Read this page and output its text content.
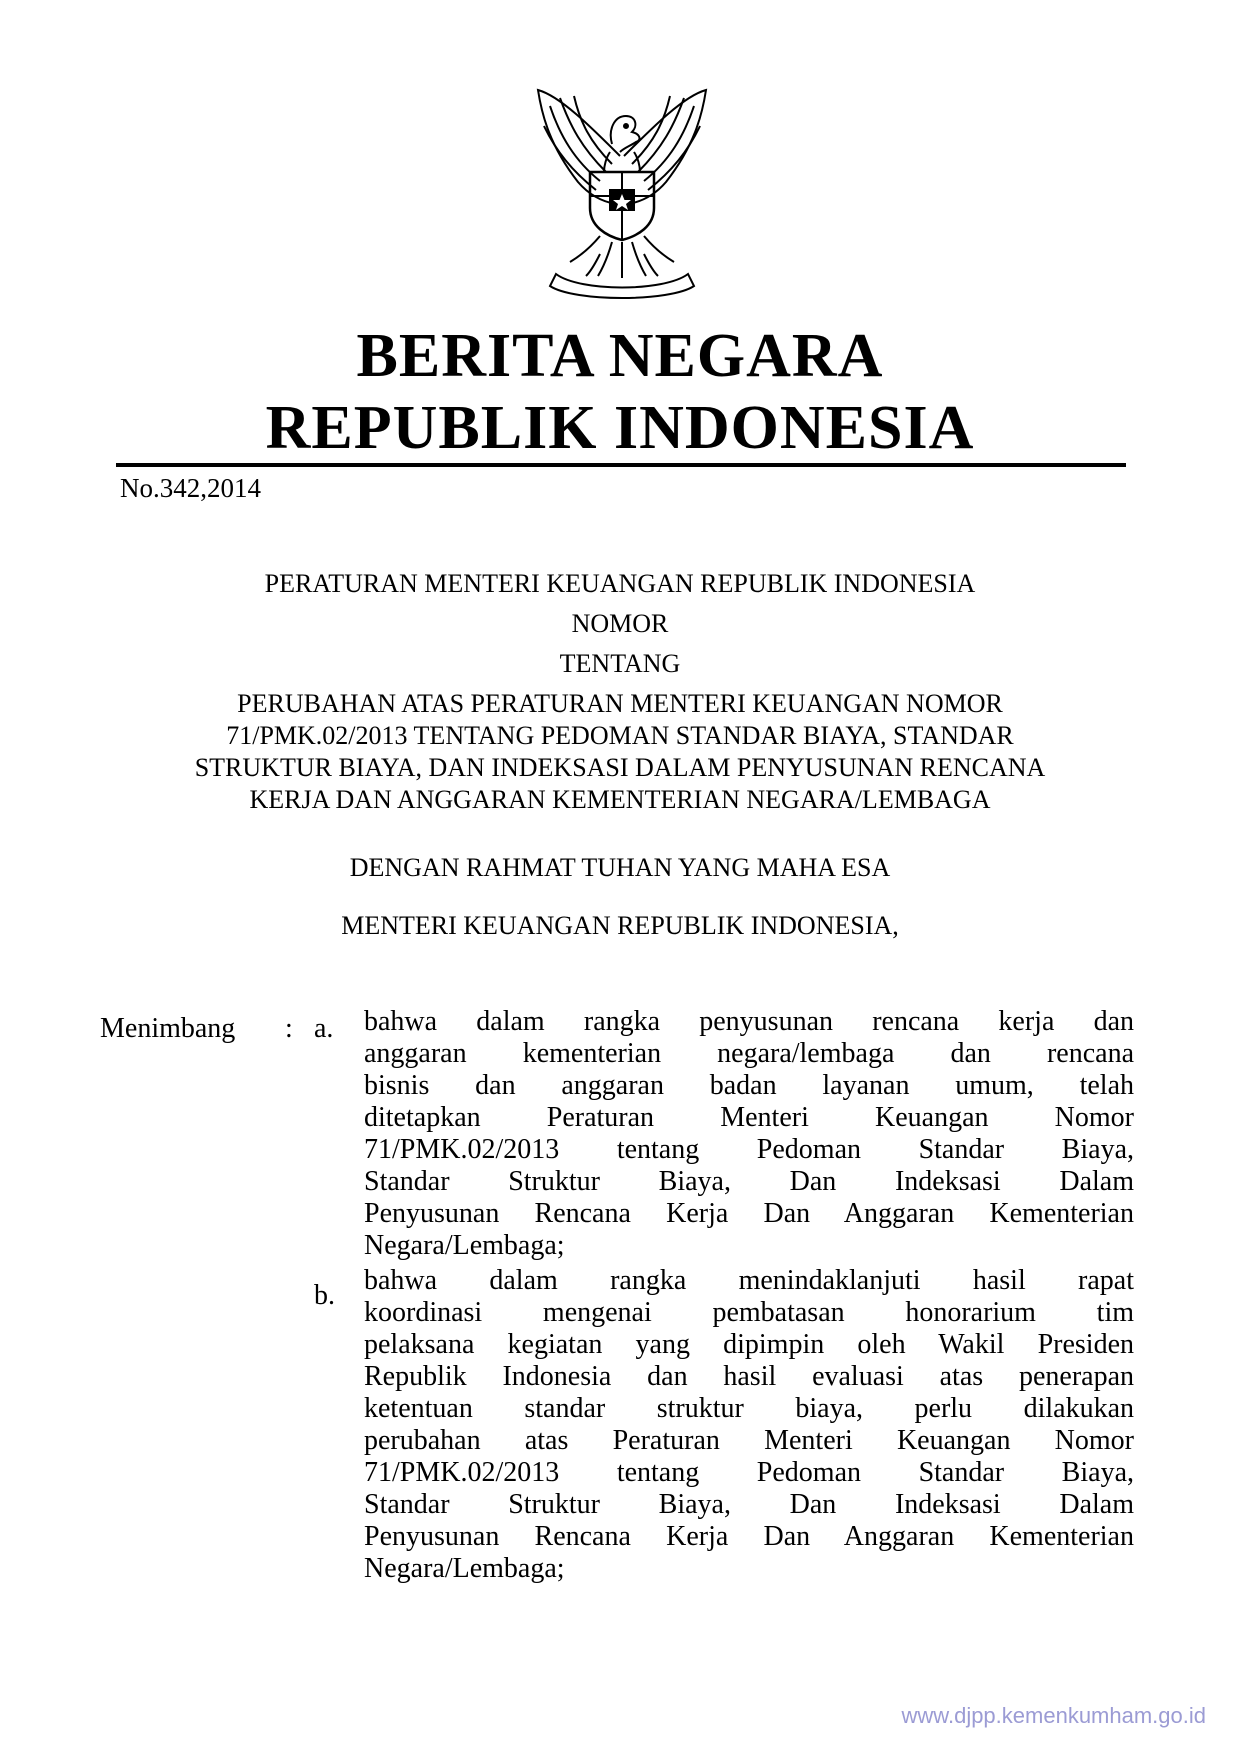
BERITA NEGARA
REPUBLIK INDONESIA
No.342,2014
PERATURAN MENTERI KEUANGAN REPUBLIK INDONESIA
NOMOR
TENTANG
PERUBAHAN ATAS PERATURAN MENTERI KEUANGAN NOMOR
71/PMK.02/2013 TENTANG PEDOMAN STANDAR BIAYA, STANDAR
STRUKTUR BIAYA, DAN INDEKSASI DALAM PENYUSUNAN RENCANA
KERJA DAN ANGGARAN KEMENTERIAN NEGARA/LEMBAGA
DENGAN RAHMAT TUHAN YANG MAHA ESA
MENTERI KEUANGAN REPUBLIK INDONESIA,
Menimbang : a. bahwa dalam rangka penyusunan rencana kerja dan
anggaran kementerian negara/lembaga dan rencana
bisnis dan anggaran badan layanan umum, telah
ditetapkan Peraturan Menteri Keuangan Nomor
71/PMK.02/2013 tentang Pedoman Standar Biaya,
Standar Struktur Biaya, Dan Indeksasi Dalam
Penyusunan Rencana Kerja Dan Anggaran Kementerian
Negara/Lembaga;
b. bahwa dalam rangka menindaklanjuti hasil rapat
koordinasi mengenai pembatasan honorarium tim
pelaksana kegiatan yang dipimpin oleh Wakil Presiden
Republik Indonesia dan hasil evaluasi atas penerapan
ketentuan standar struktur biaya, perlu dilakukan
perubahan atas Peraturan Menteri Keuangan Nomor
71/PMK.02/2013 tentang Pedoman Standar Biaya,
Standar Struktur Biaya, Dan Indeksasi Dalam
Penyusunan Rencana Kerja Dan Anggaran Kementerian
Negara/Lembaga;
www.djpp.kemenkumham.go.id
